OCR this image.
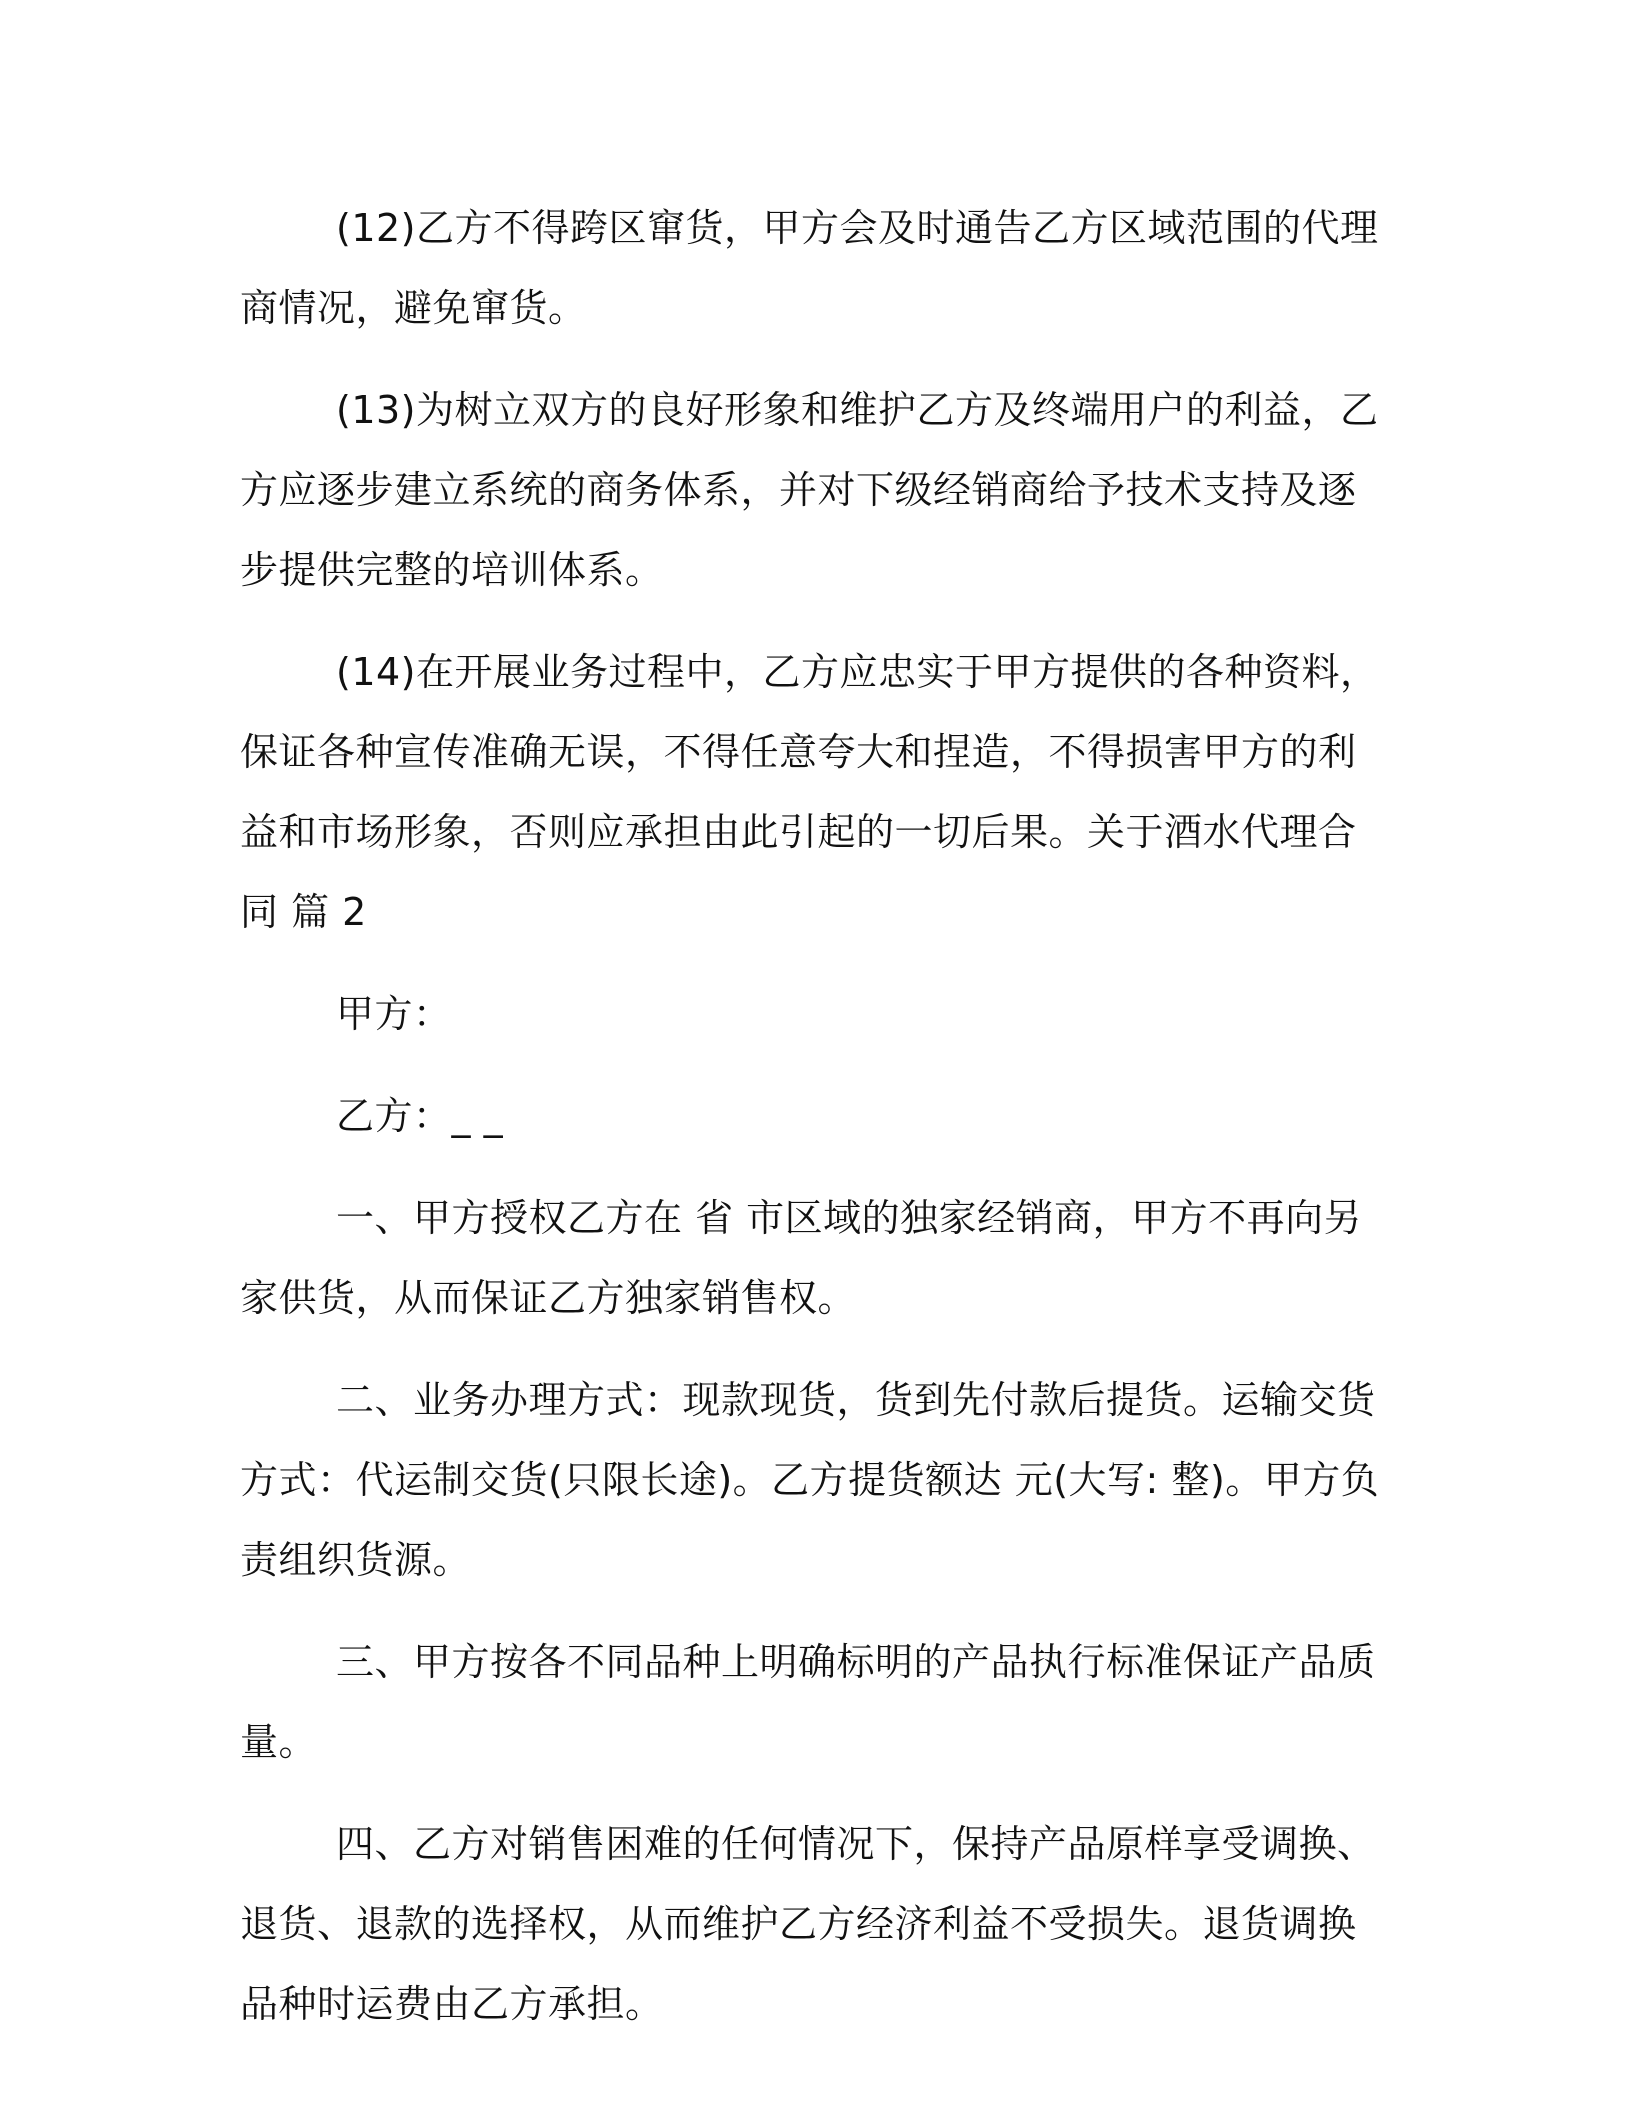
(12)乙方不得跨区窜货，甲方会及时通告乙方区域范围的代理商情况，避免窜货。

(13)为树立双方的良好形象和维护乙方及终端用户的利益，乙方应逐步建立系统的商务体系，并对下级经销商给予技术支持及逐步提供完整的培训体系。

(14)在开展业务过程中，乙方应忠实于甲方提供的各种资料，保证各种宣传准确无误，不得任意夸大和捏造，不得损害甲方的利益和市场形象，否则应承担由此引起的一切后果。关于酒水代理合同 篇 2

甲方：

乙方：_ _

一、甲方授权乙方在 省 市区域的独家经销商，甲方不再向另家供货，从而保证乙方独家销售权。

二、业务办理方式：现款现货，货到先付款后提货。运输交货方式：代运制交货(只限长途)。乙方提货额达 元(大写: 整)。甲方负责组织货源。

三、甲方按各不同品种上明确标明的产品执行标准保证产品质量。

四、乙方对销售困难的任何情况下，保持产品原样享受调换、退货、退款的选择权，从而维护乙方经济利益不受损失。退货调换品种时运费由乙方承担。
